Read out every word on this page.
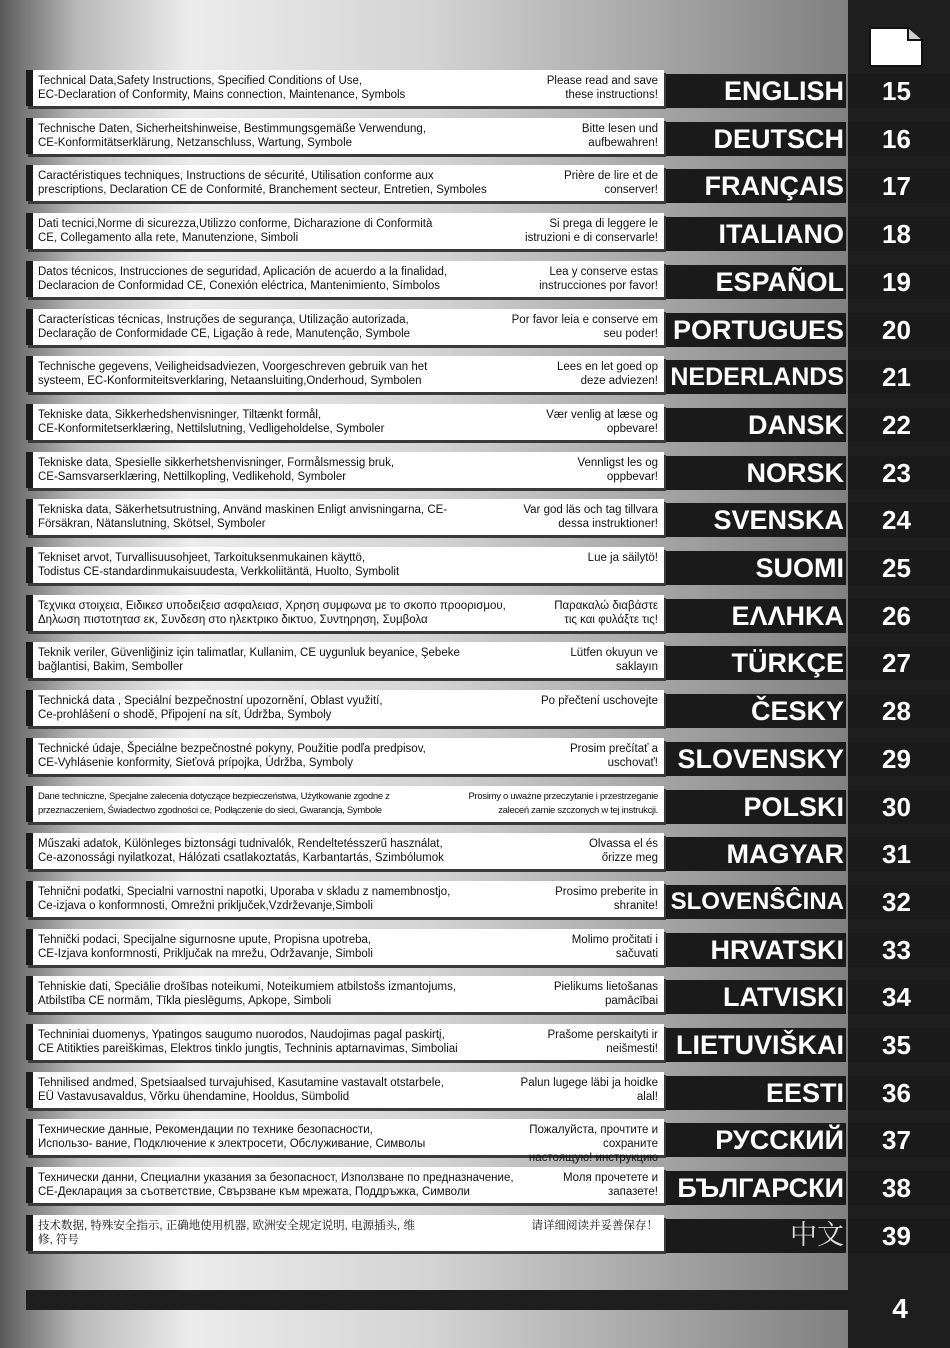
Technical Data,Safety Instructions, Specified Conditions of Use,
EC-Declaration of Conformity, Mains connection, Maintenance, Symbols
Please read and save
these instructions!	ENGLISH	15
Technische Daten, Sicherheitshinweise, Bestimmungsgemäße Verwendung,
CE-Konformitätserklärung, Netzanschluss, Wartung, Symbole
Bitte lesen und
aufbewahren!	DEUTSCH	16
Caractéristiques techniques, Instructions de sécurité, Utilisation conforme aux
prescriptions, Declaration CE de Conformité, Branchement secteur, Entretien, Symboles
Prière de lire et de
conserver!	FRANÇAIS	17
Dati tecnici,Norme di sicurezza,Utilizzo conforme, Dicharazione di Conformità
CE, Collegamento alla rete, Manutenzione, Simboli
Si prega di leggere le
istruzioni e di conservarle!	ITALIANO	18
Datos técnicos, Instrucciones de seguridad, Aplicación de acuerdo a la finalidad,
Declaracion de Conformidad CE, Conexión eléctrica, Mantenimiento, Símbolos
Lea y conserve estas
instrucciones por favor!	ESPAÑOL	19
Características técnicas, Instruções de segurança, Utilização autorizada,
Declaração de Conformidade CE, Ligação à rede, Manutenção, Symbole
Por favor leia e conserve em
seu poder! PORTUGUES	20
Technische gegevens, Veiligheidsadviezen, Voorgeschreven gebruik van het
systeem, EC-Konformiteitsverklaring, Netaansluiting,Onderhoud, Symbolen
Lees en let goed op
deze adviezen! NEDERLANDS	21
Tekniske data, Sikkerhedshenvisninger, Tiltænkt formål,
CE-Konformitetserklæring, Nettilslutning, Vedligeholdelse, Symboler
Vær venlig at læse og
opbevare!	DANSK	22
Tekniske data, Spesielle sikkerhetshenvisninger, Formålsmessig bruk,
CE-Samsvarserklæring, Nettilkopling, Vedlikehold, Symboler
Vennligst les og
oppbevar!	NORSK	23
Tekniska data, Säkerhetsutrustning, Använd maskinen Enligt anvisningarna, CE-
Försäkran, Nätanslutning, Skötsel, Symboler
Var god läs och tag tillvara
dessa instruktioner!	SVENSKA	24
Tekniset arvot, Turvallisuusohjeet, Tarkoituksenmukainen käyttö,
Todistus CE-standardinmukaisuudesta, Verkkoliitäntä, Huolto, Symbolit
Lue ja säilytö!	SUOMI	25
Τεχνικα στοιχεια, Ειδικεσ υποδειξεισ ασφαλειασ, Χρηση συμφωνα με το σκοπο προορισμου,
Δηλωση πιστοτητασ εκ, Συνδεση στο ηλεκτρικο δικτυο, Συντηρηση, Συμβολα
Παρακαλώ διαβάστε
τις και φυλάξτε τις!	ΕΛΛΗΚΑ	26
Teknik veriler, Güvenliğiniz için talimatlar, Kullanim, CE uygunluk beyanice, Şebeke
bağlantisi, Bakim, Semboller
Lütfen okuyun ve
saklayın	TÜRKÇE	27
Technická data , Speciální bezpečnostní upozornění, Oblast využití,
Ce-prohlášení o shodě, Připojení na sít, Údržba, Symboly
Po přečtení uschovejte	ČESKY	28
Technické údaje, Špeciálne bezpečnostné pokyny, Použitie podľa predpisov,
CE-Vyhlásenie konformity, Sieťová prípojka, Údržba, Symboly
Prosim prečítať a
uschovať! SLOVENSKY	29
Dane techniczne, Specjalne zalecenia dotyczące bezpieczeństwa, Użytkowanie zgodne z
przeznaczeniem, Świadectwo zgodności ce, Podłączenie do sieci, Gwarancja, Symbole
Prosimy o uważne przeczytanie i przestrzeganie
zaleceń zamie szczonych w tej instrukcji.	POLSKI	30
Műszaki adatok, Különleges biztonsági tudnivalók, Rendeltetésszerű használat,
Ce-azonossági nyilatkozat, Hálózati csatlakoztatás, Karbantartás, Szimbólumok
Olvassa el és
őrizze meg	MAGYAR	31
Tehnični podatki, Specialni varnostni napotki, Uporaba v skladu z namembnostjo,
Ce-izjava o konformnosti, Omrežni priključek,Vzdrževanje,Simboli
Prosimo preberite in
shranite! SLOVENŜĈINA	32
Tehnički podaci, Specijalne sigurnosne upute, Propisna upotreba,
CE-Izjava konformnosti, Priključak na mrežu, Održavanje, Simboli
Molimo pročitati i
sačuvati	HRVATSKI	33
Tehniskie dati, Speciālie drošības noteikumi, Noteikumiem atbilstošs izmantojums,
Atbilstība CE normām, Tīkla pieslēgums, Apkope, Simboli
Pielikums lietošanas
pamācībai	LATVISKI	34
Techniniai duomenys, Ypatingos saugumo nuorodos, Naudojimas pagal paskirtį,
CE Atitikties pareiškimas, Elektros tinklo jungtis, Techninis aptarnavimas, Simboliai
Prašome perskaityti ir
neišmesti! LIETUVIŠKAI	35
Tehnilised andmed, Spetsiaalsed turvajuhised, Kasutamine vastavalt otstarbele,
EÜ Vastavusavaldus, Võrku ühendamine, Hooldus, Sümbolid
Palun lugege läbi ja hoidke
alal!	EESTI	36
Технические данные, Рекомендации по технике безопасности,
Использо- вание, Подключение к электросети, Обслуживание, Символы
Пожалуйста, прочтите и сохраните
настоящую! инструкцию
РУССКИЙ	37
Технически данни, Специални указания за безопасност, Използване по предназначение,
CE-Декларация за съответствие, Свързване към мрежата, Поддръжка, Символи
Моля прочетете и
запазете! БЪЛГАРСКИ	38
技术数据, 特殊安全指示, 正确地使用机器, 欧洲安全规定说明, 电源插头, 维
修, 符号
请详细阅读并妥善保存！	中文	39
4
